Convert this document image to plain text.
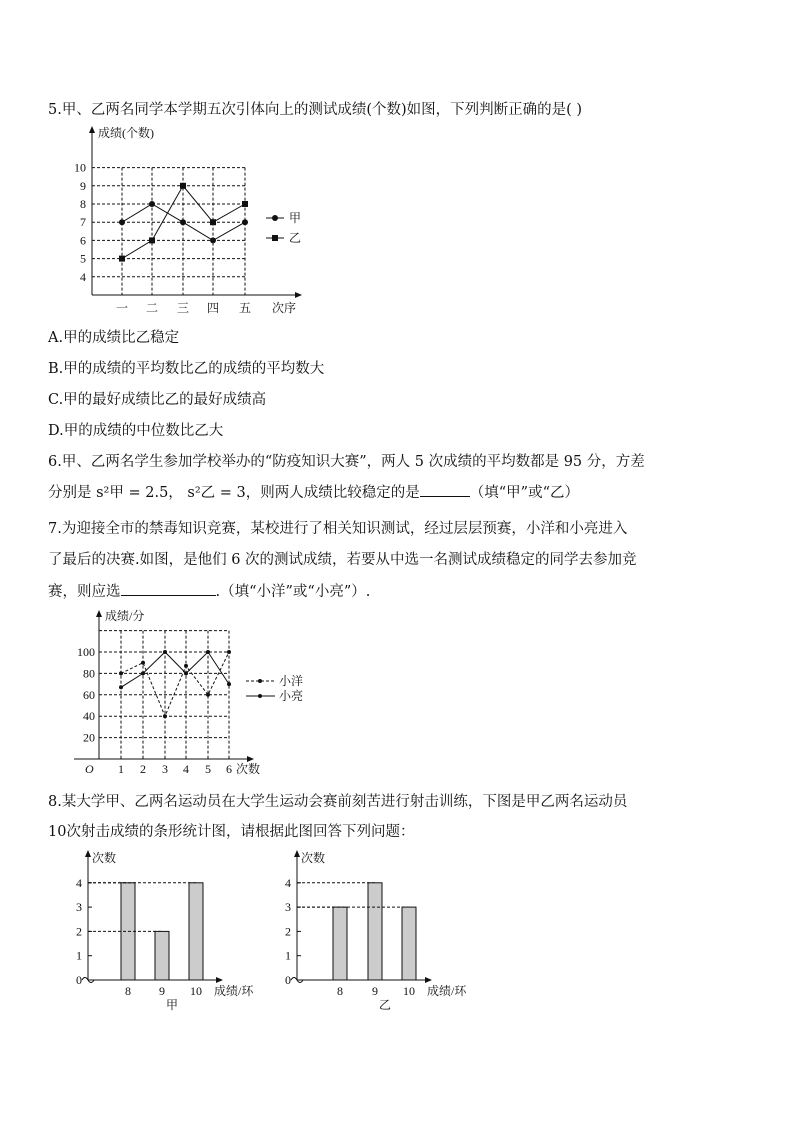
5.甲、乙两名同学本学期五次引体向上的测试成绩(个数)如图，下列判断正确的是( )
A.甲的成绩比乙稳定
B.甲的成绩的平均数比乙的成绩的平均数大
C.甲的最好成绩比乙的最好成绩高
D.甲的成绩的中位数比乙大
6.甲、乙两名学生参加学校举办的“防疫知识大赛”，两人 5 次成绩的平均数都是 95 分，方差
分别是 s²甲 = 2.5， s²乙 = 3，则两人成绩比较稳定的是	（填“甲”或“乙）
7.为迎接全市的禁毒知识竞赛，某校进行了相关知识测试，经过层层预赛，小洋和小亮进入
了最后的决赛.如图，是他们 6 次的测试成绩，若要从中选一名测试成绩稳定的同学去参加竞
赛，则应选	.（填“小洋”或“小亮”）.
8.某大学甲、乙两名运动员在大学生运动会赛前刻苦进行射击训练，下图是甲乙两名运动员
10次射击成绩的条形统计图，请根据此图回答下列问题：
成绩(个数)
4
5
6
7
8
9
10
一 二 三 四 五 次序
甲
乙
成绩/分
O
20
40
60
80
100
1 2 3 4 5 6 次数
小洋
小亮
次数
0
1
2
3
4
8 9 10 成绩/环
甲
次数
0
1
2
3
4
8 9 10 成绩/环
乙
